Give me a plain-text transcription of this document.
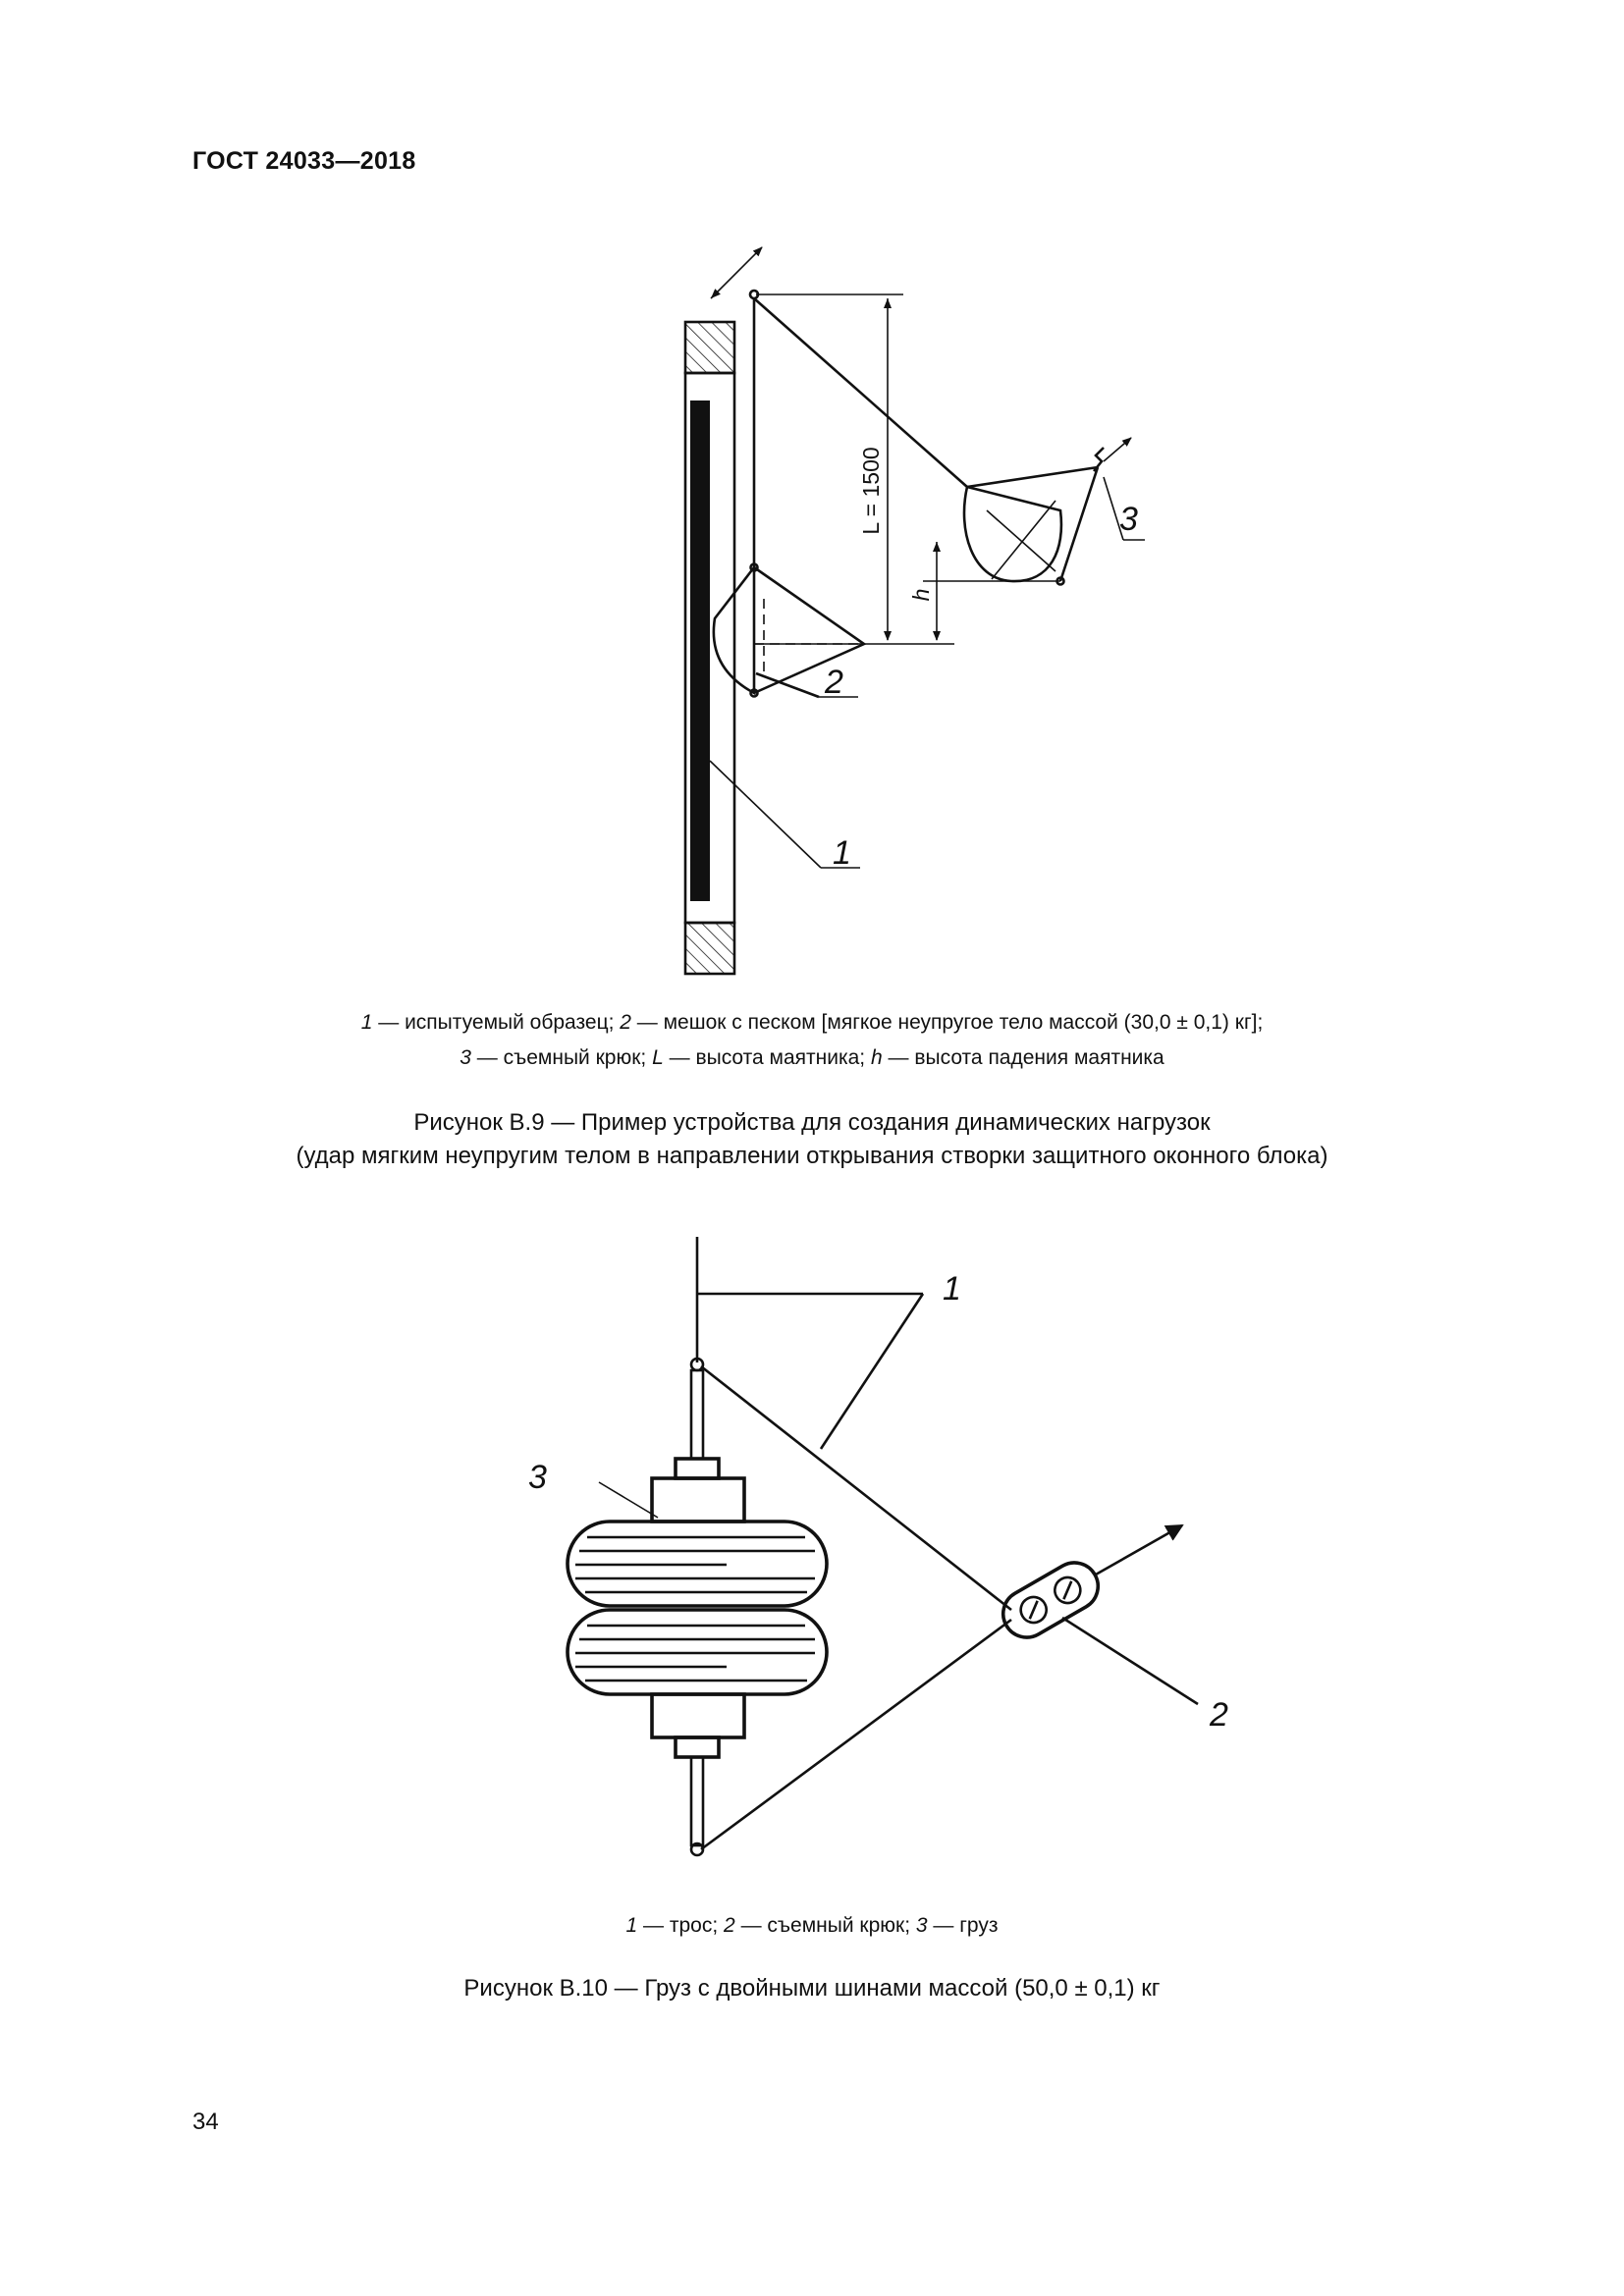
ГОСТ 24033—2018
L = 1500
h
1
2
3
1 — испытуемый образец; 2 — мешок с песком [мягкое неупругое тело массой (30,0 ± 0,1) кг];
3 — съемный крюк; L — высота маятника; h — высота падения маятника
Рисунок В.9 — Пример устройства для создания динамических нагрузок
(удар мягким неупругим телом в направлении открывания створки защитного оконного блока)
1
2
3
1 — трос; 2 — съемный крюк; 3 — груз
Рисунок В.10 — Груз с двойными шинами массой (50,0 ± 0,1) кг
34
